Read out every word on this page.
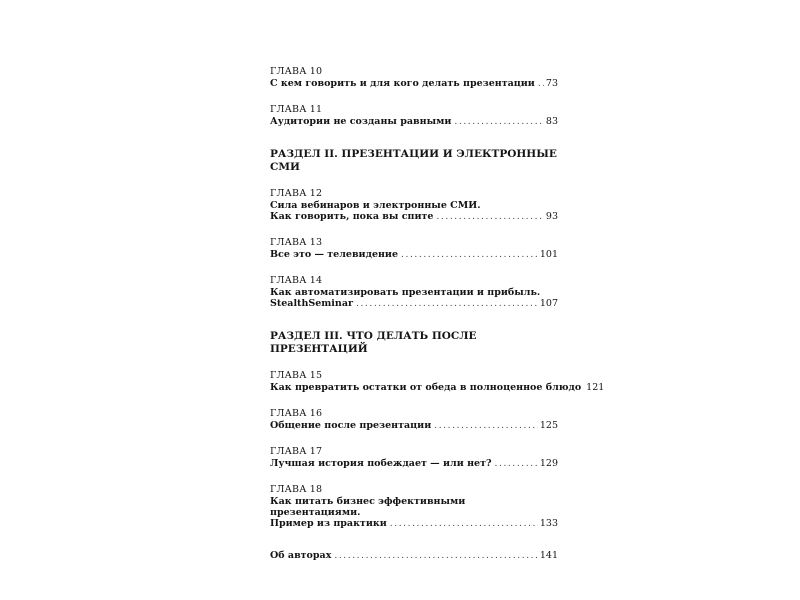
ГЛАВА 10
С кем говорить и для кого делать презентации ..... 73
ГЛАВА 11
Аудитории не созданы равными .....	83
РАЗДЕЛ II. ПРЕЗЕНТАЦИИ И ЭЛЕКТРОННЫЕ СМИ
ГЛАВА 12
Сила вебинаров и электронные СМИ.
Как говорить, пока вы спите .....	93
ГЛАВА 13
Все это — телевидение .....	101
ГЛАВА 14
Как автоматизировать презентации и прибыль.
StealthSeminar .....	107
РАЗДЕЛ III. ЧТО ДЕЛАТЬ ПОСЛЕ ПРЕЗЕНТАЦИЙ
ГЛАВА 15
Как превратить остатки от обеда в полноценное блюдо 121
ГЛАВА 16
Общение после презентации .....	125
ГЛАВА 17
Лучшая история побеждает — или нет? .....	129
ГЛАВА 18
Как питать бизнес эффективными презентациями.
Пример из практики .....	133
Об авторах .....	141
